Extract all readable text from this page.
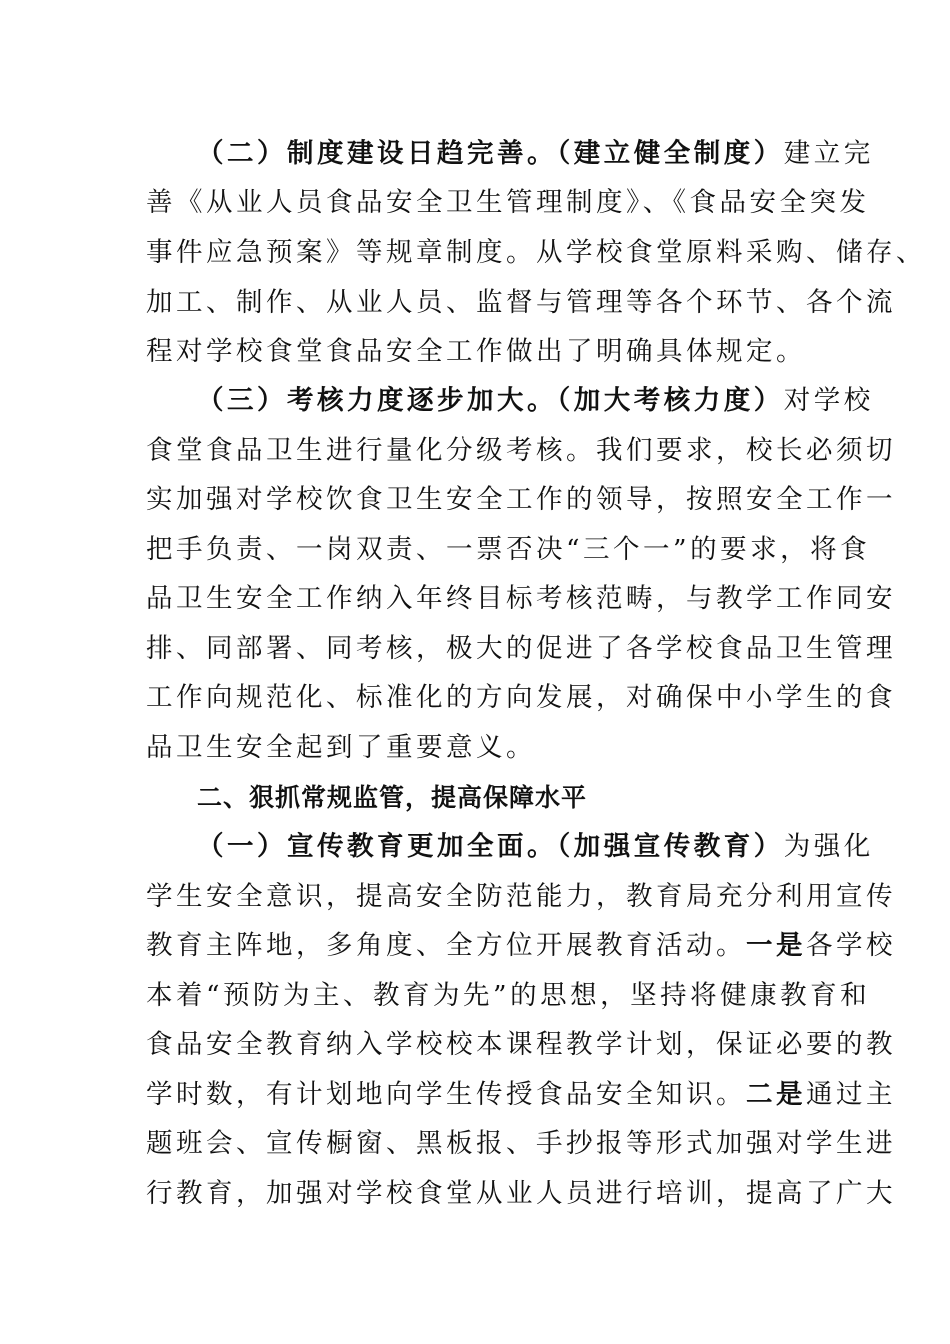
（二）制度建设日趋完善。（建立健全制度）建立完
善《从业人员食品安全卫生管理制度》、《食品安全突发
事件应急预案》等规章制度。从学校食堂原料采购、储存、
加工、制作、从业人员、监督与管理等各个环节、各个流
程对学校食堂食品安全工作做出了明确具体规定。
（三）考核力度逐步加大。（加大考核力度）对学校
食堂食品卫生进行量化分级考核。我们要求，校长必须切
实加强对学校饮食卫生安全工作的领导，按照安全工作一
把手负责、一岗双责、一票否决“三个一”的要求，将食
品卫生安全工作纳入年终目标考核范畴，与教学工作同安
排、同部署、同考核，极大的促进了各学校食品卫生管理
工作向规范化、标准化的方向发展，对确保中小学生的食
品卫生安全起到了重要意义。
二、狠抓常规监管，提高保障水平
（一）宣传教育更加全面。（加强宣传教育）为强化
学生安全意识，提高安全防范能力，教育局充分利用宣传
教育主阵地，多角度、全方位开展教育活动。一是各学校
本着“预防为主、教育为先”的思想，坚持将健康教育和
食品安全教育纳入学校校本课程教学计划，保证必要的教
学时数，有计划地向学生传授食品安全知识。二是通过主
题班会、宣传橱窗、黑板报、手抄报等形式加强对学生进
行教育，加强对学校食堂从业人员进行培训，提高了广大
